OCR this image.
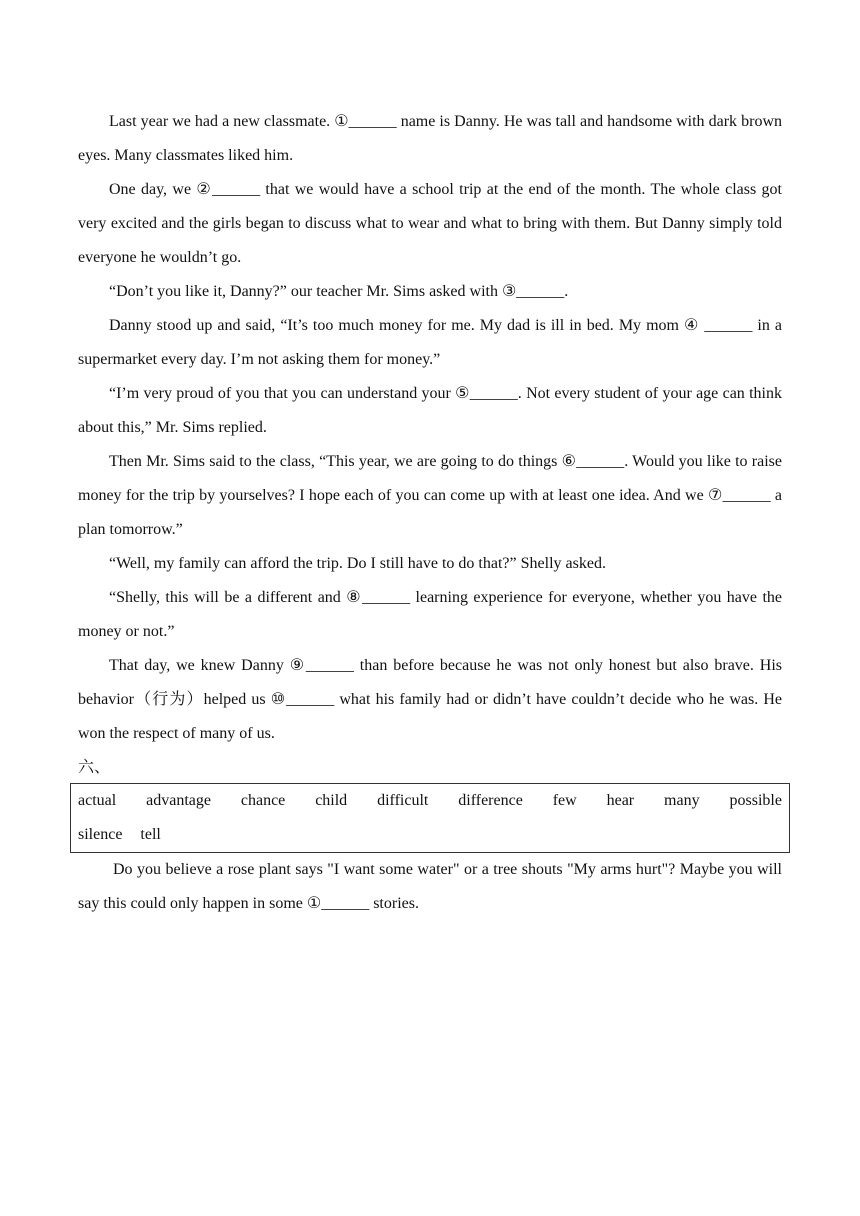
Last year we had a new classmate. ①______ name is Danny. He was tall and handsome with dark brown eyes. Many classmates liked him.

One day, we ②______ that we would have a school trip at the end of the month. The whole class got very excited and the girls began to discuss what to wear and what to bring with them. But Danny simply told everyone he wouldn’t go.

“Don’t you like it, Danny?” our teacher Mr. Sims asked with ③______.

Danny stood up and said, “It’s too much money for me. My dad is ill in bed. My mom ④ ______ in a supermarket every day. I’m not asking them for money.”

“I’m very proud of you that you can understand your ⑤______. Not every student of your age can think about this,” Mr. Sims replied.

Then Mr. Sims said to the class, “This year, we are going to do things ⑥______. Would you like to raise money for the trip by yourselves? I hope each of you can come up with at least one idea. And we ⑦______ a plan tomorrow.”

“Well, my family can afford the trip. Do I still have to do that?” Shelly asked.

“Shelly, this will be a different and ⑧______ learning experience for everyone, whether you have the money or not.”

That day, we knew Danny ⑨______ than before because he was not only honest but also brave. His behavior（行为）helped us ⑩______ what his family had or didn’t have couldn’t decide who he was. He won the respect of many of us.

六、

actual advantage chance child difficult difference few hear many possible
silence tell

Do you believe a rose plant says "I want some water" or a tree shouts "My arms hurt"? Maybe you will say this could only happen in some ①______ stories.
